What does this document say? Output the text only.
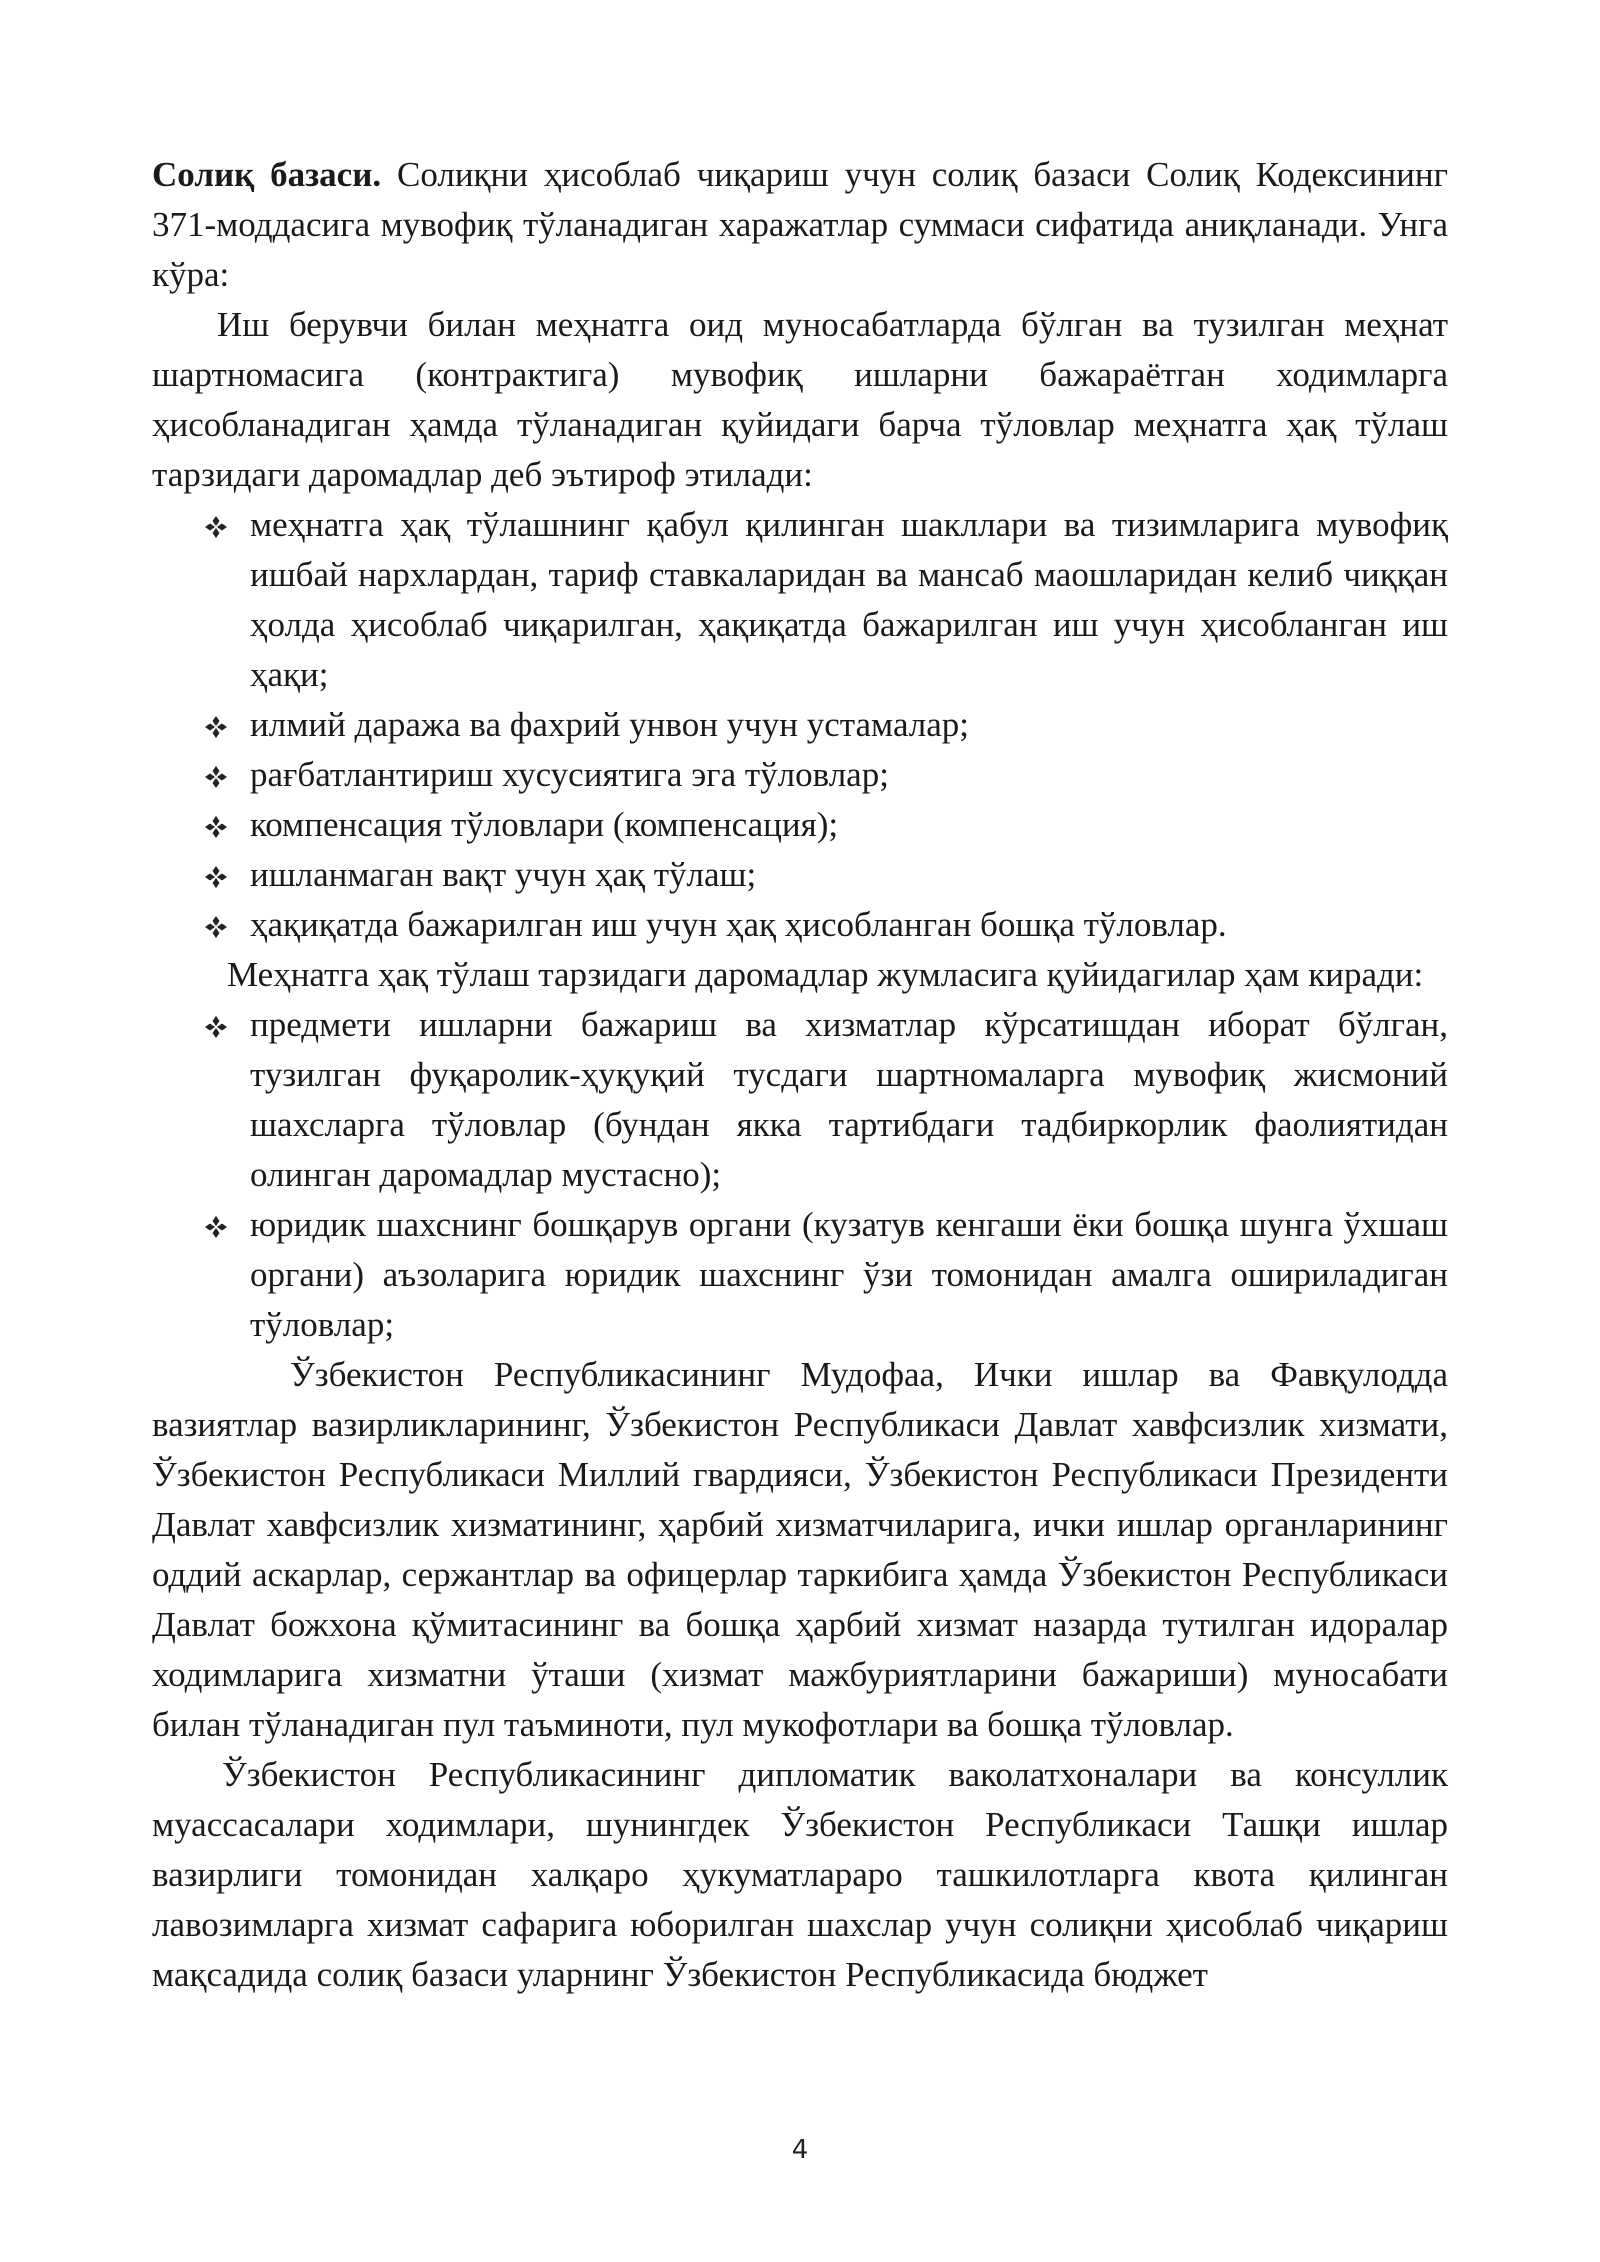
Солиқ базаси. Солиқни ҳисоблаб чиқариш учун солиқ базаси Солиқ Кодексининг 371-моддасига мувофиқ тўланадиган харажатлар суммаси сифатида аниқланади. Унга кўра:

Иш берувчи билан меҳнатга оид муносабатларда бўлган ва тузилган меҳнат шартномасига (контрактига) мувофиқ ишларни бажараётган ходимларга ҳисобланадиган ҳамда тўланадиган қуйидаги барча тўловлар меҳнатга ҳақ тўлаш тарзидаги даромадлар деб эътироф этилади:

меҳнатга ҳақ тўлашнинг қабул қилинган шакллари ва тизимларига мувофиқ ишбай нархлардан, тариф ставкаларидан ва мансаб маошларидан келиб чиққан ҳолда ҳисоблаб чиқарилган, ҳақиқатда бажарилган иш учун ҳисобланган иш ҳақи;
илмий даража ва фахрий унвон учун устамалар;
рағбатлантириш хусусиятига эга тўловлар;
компенсация тўловлари (компенсация);
ишланмаган вақт учун ҳақ тўлаш;
ҳақиқатда бажарилган иш учун ҳақ ҳисобланган бошқа тўловлар.

Меҳнатга ҳақ тўлаш тарзидаги даромадлар жумласига қуйидагилар ҳам киради:

предмети ишларни бажариш ва хизматлар кўрсатишдан иборат бўлган, тузилган фуқаролик-ҳуқуқий тусдаги шартномаларга мувофиқ жисмоний шахсларга тўловлар (бундан якка тартибдаги тадбиркорлик фаолиятидан олинган даромадлар мустасно);
юридик шахснинг бошқарув органи (кузатув кенгаши ёки бошқа шунга ўхшаш органи) аъзоларига юридик шахснинг ўзи томонидан амалга ошириладиган тўловлар;

Ўзбекистон Республикасининг Мудофаа, Ички ишлар ва Фавқулодда вазиятлар вазирликларининг, Ўзбекистон Республикаси Давлат хавфсизлик хизмати, Ўзбекистон Республикаси Миллий гвардияси, Ўзбекистон Республикаси Президенти Давлат хавфсизлик хизматининг, ҳарбий хизматчиларига, ички ишлар органларининг оддий аскарлар, сержантлар ва офицерлар таркибига ҳамда Ўзбекистон Республикаси Давлат божхона қўмитасининг ва бошқа ҳарбий хизмат назарда тутилган идоралар ходимларига хизматни ўташи (хизмат мажбуриятларини бажариши) муносабати билан тўланадиган пул таъминоти, пул мукофотлари ва бошқа тўловлар.

Ўзбекистон Республикасининг дипломатик ваколатхоналари ва консуллик муассасалари ходимлари, шунингдек Ўзбекистон Республикаси Ташқи ишлар вазирлиги томонидан халқаро ҳукуматлараро ташкилотларга квота қилинган лавозимларга хизмат сафарига юборилган шахслар учун солиқни ҳисоблаб чиқариш мақсадида солиқ базаси уларнинг Ўзбекистон Республикасида бюджет

4
